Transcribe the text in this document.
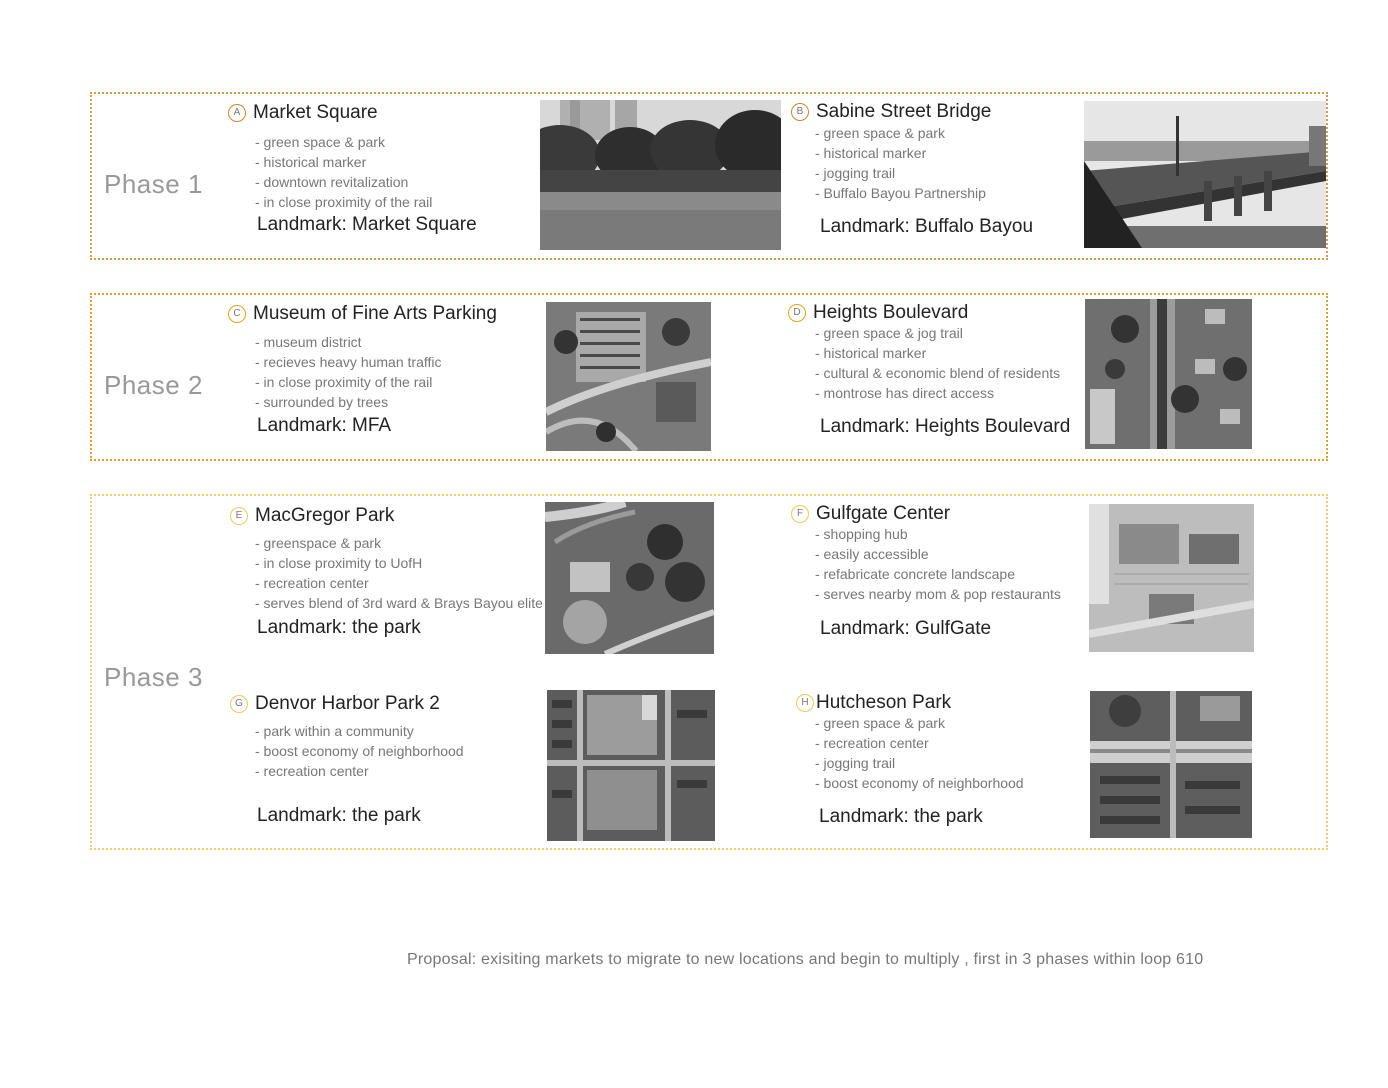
Phase 1
Phase 2
Phase 3
A Market Square
- green space & park
- historical marker
- downtown revitalization
- in close proximity of the rail
Landmark: Market Square
B Sabine Street Bridge
- green space & park
- historical marker
- jogging trail
- Buffalo Bayou Partnership
Landmark: Buffalo Bayou
C Museum of Fine Arts Parking
- museum district
- recieves heavy human traffic
- in close proximity of the rail
- surrounded by trees
Landmark: MFA
D Heights Boulevard
- green space & jog trail
- historical marker
- cultural & economic blend of residents
- montrose has direct access
Landmark: Heights Boulevard
E MacGregor Park
- greenspace & park
- in close proximity to UofH
- recreation center
- serves blend of 3rd ward & Brays Bayou elite
Landmark: the park
F Gulfgate Center
- shopping hub
- easily accessible
- refabricate concrete landscape
- serves nearby mom & pop restaurants
Landmark: GulfGate
G Denvor Harbor Park 2
- park within a community
- boost economy of neighborhood
- recreation center
Landmark: the park
H Hutcheson Park
- green space & park
- recreation center
- jogging trail
- boost economy of neighborhood
Landmark: the park
Proposal: exisiting markets to migrate to new locations and begin to multiply , first in 3 phases within loop 610
